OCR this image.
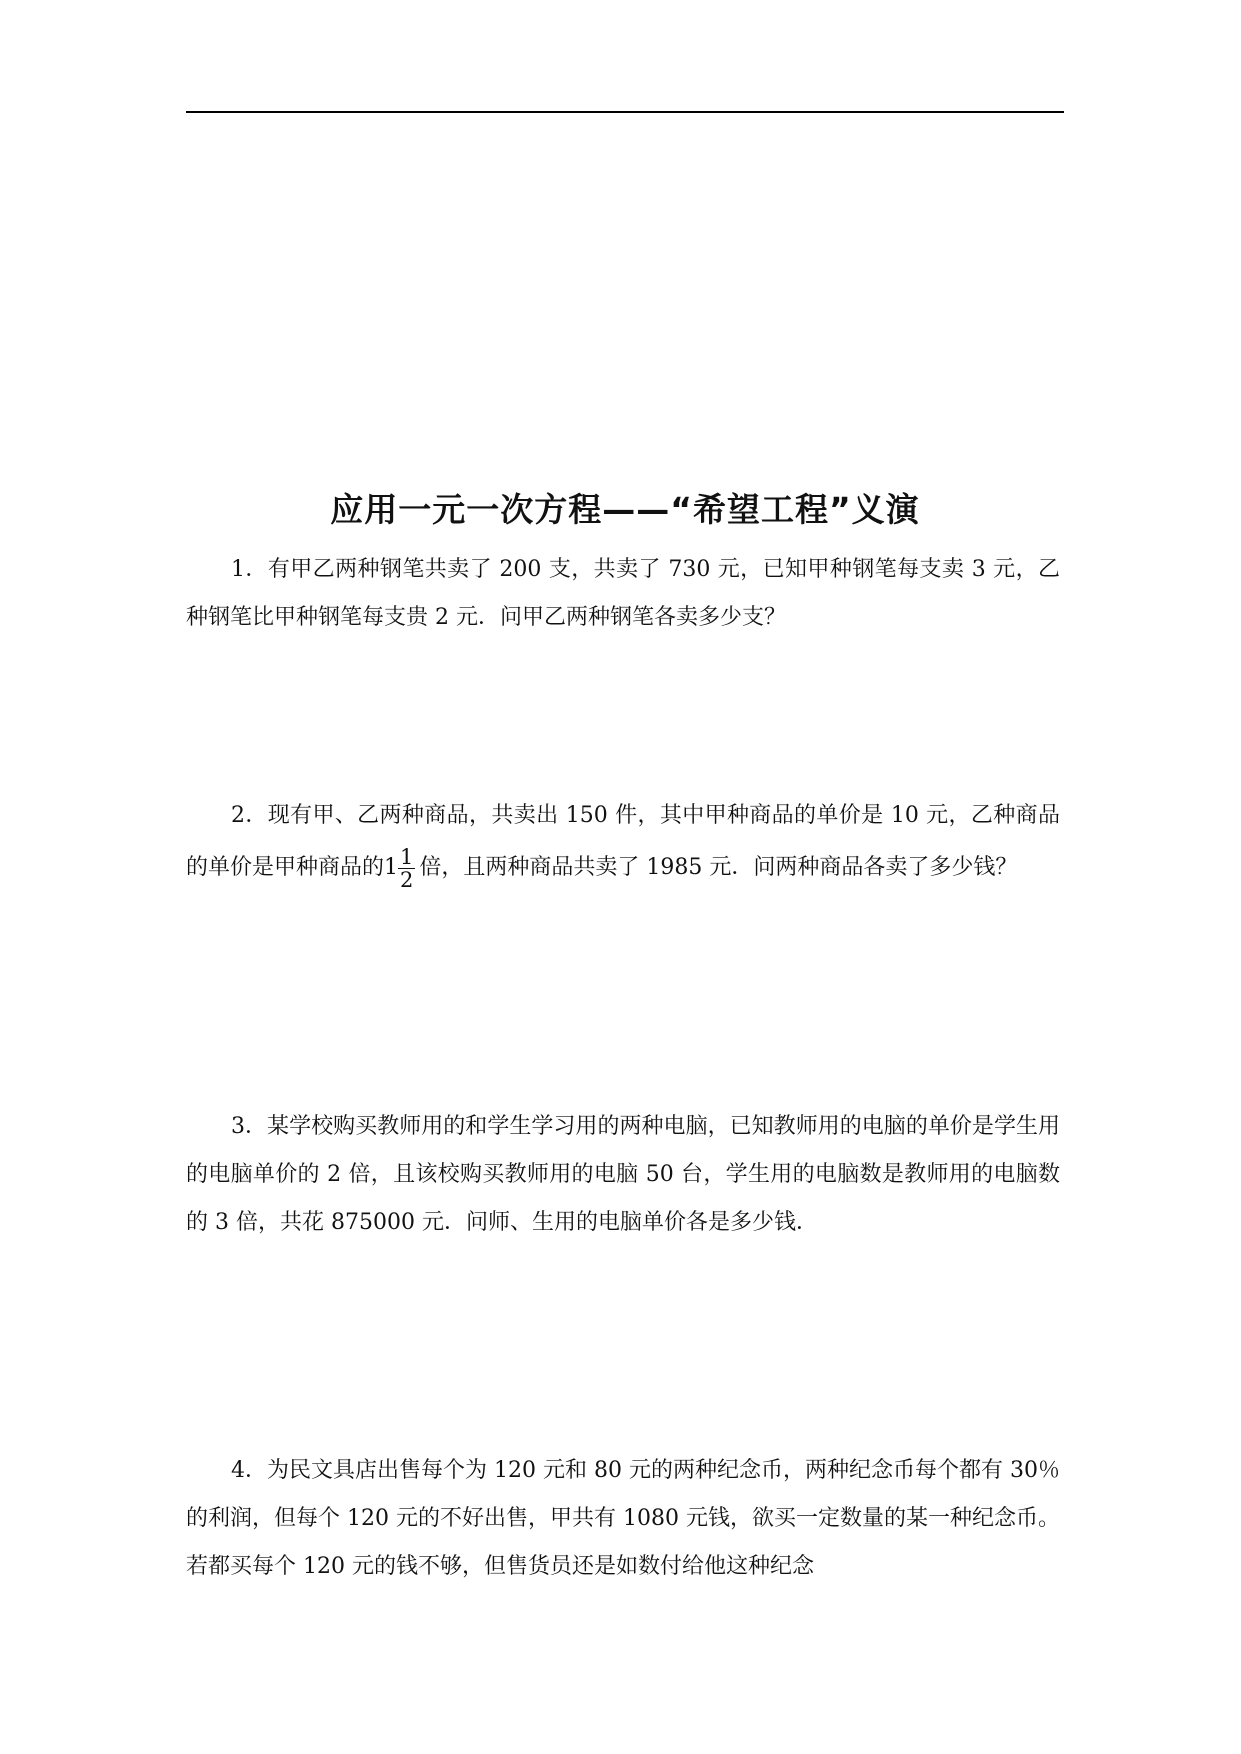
应用一元一次方程——“希望工程”义演

1．有甲乙两种钢笔共卖了 200 支，共卖了 730 元，已知甲种钢笔每支卖 3 元，乙种钢笔比甲种钢笔每支贵 2 元．问甲乙两种钢笔各卖多少支？

2．现有甲、乙两种商品，共卖出 150 件，其中甲种商品的单价是 10 元，乙种商品的单价是甲种商品的$1 \frac{1}{2}$ 倍，且两种商品共卖了 1985 元．问两种商品各卖了多少钱？

3．某学校购买教师用的和学生学习用的两种电脑，已知教师用的电脑的单价是学生用的电脑单价的 2 倍，且该校购买教师用的电脑 50 台，学生用的电脑数是教师用的电脑数的 3 倍，共花 875000 元．问师、生用的电脑单价各是多少钱．

4．为民文具店出售每个为 120 元和 80 元的两种纪念币，两种纪念币每个都有 30％的利润，但每个 120 元的不好出售，甲共有 1080 元钱，欲买一定数量的某一种纪念币。若都买每个 120 元的钱不够，但售货员还是如数付给他这种纪念
